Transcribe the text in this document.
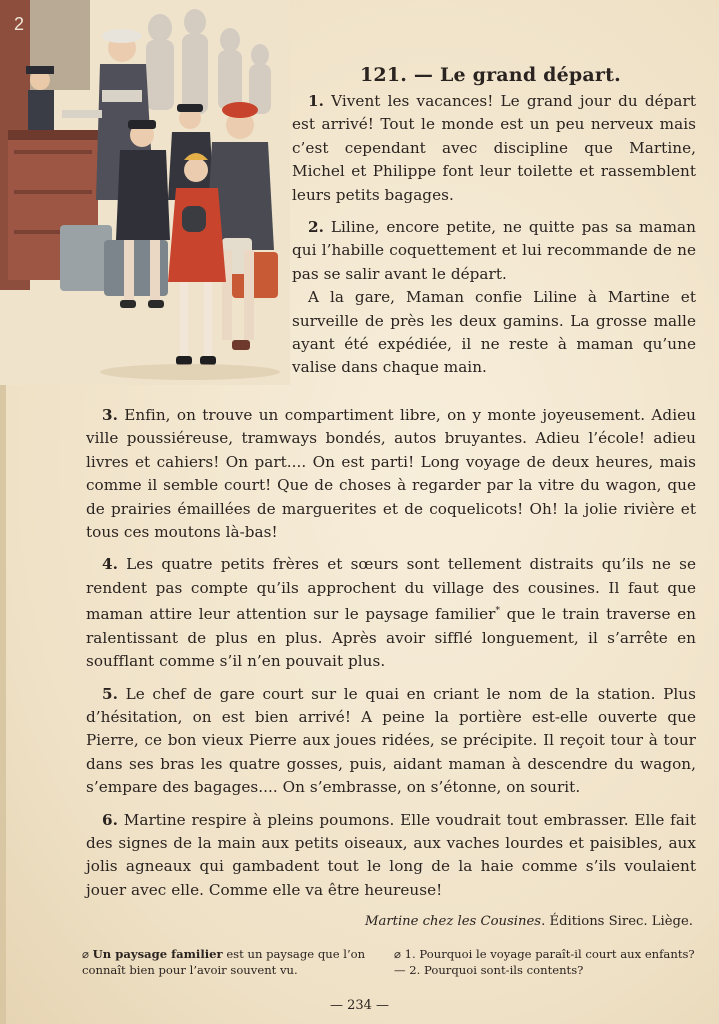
2
121. — Le grand départ.

1. Vivent les vacances! Le grand jour du départ est arrivé! Tout le monde est un peu nerveux mais c’est cependant avec discipline que Martine, Michel et Philippe font leur toilette et rassemblent leurs petits bagages.

2. Liline, encore petite, ne quitte pas sa maman qui l’habille coquettement et lui recommande de ne pas se salir avant le départ.

A la gare, Maman confie Liline à Martine et surveille de près les deux gamins. La grosse malle ayant été expédiée, il ne reste à maman qu’une valise dans chaque main.

3. Enfin, on trouve un compartiment libre, on y monte joyeusement. Adieu ville poussiéreuse, tramways bondés, autos bruyantes. Adieu l’école! adieu livres et cahiers! On part.... On est parti! Long voyage de deux heures, mais comme il semble court! Que de choses à regarder par la vitre du wagon, que de prairies émaillées de marguerites et de coquelicots! Oh! la jolie rivière et tous ces moutons là-bas!

4. Les quatre petits frères et sœurs sont tellement distraits qu’ils ne se rendent pas compte qu’ils approchent du village des cousines. Il faut que maman attire leur attention sur le paysage familier* que le train traverse en ralentissant de plus en plus. Après avoir sifflé longuement, il s’arrête en soufflant comme s’il n’en pouvait plus.

5. Le chef de gare court sur le quai en criant le nom de la station. Plus d’hésitation, on est bien arrivé! A peine la portière est-elle ouverte que Pierre, ce bon vieux Pierre aux joues ridées, se précipite. Il reçoit tour à tour dans ses bras les quatre gosses, puis, aidant maman à descendre du wagon, s’empare des bagages.... On s’embrasse, on s’étonne, on sourit.

6. Martine respire à pleins poumons. Elle voudrait tout embrasser. Elle fait des signes de la main aux petits oiseaux, aux vaches lourdes et paisibles, aux jolis agneaux qui gambadent tout le long de la haie comme s’ils voulaient jouer avec elle. Comme elle va être heureuse!

Martine chez les Cousines. Éditions Sirec. Liège.
⌀ Un paysage familier est un paysage que l’on connaît bien pour l’avoir souvent vu.
⌀ 1. Pourquoi le voyage paraît-il court aux enfants? — 2. Pourquoi sont-ils contents?
— 234 —
